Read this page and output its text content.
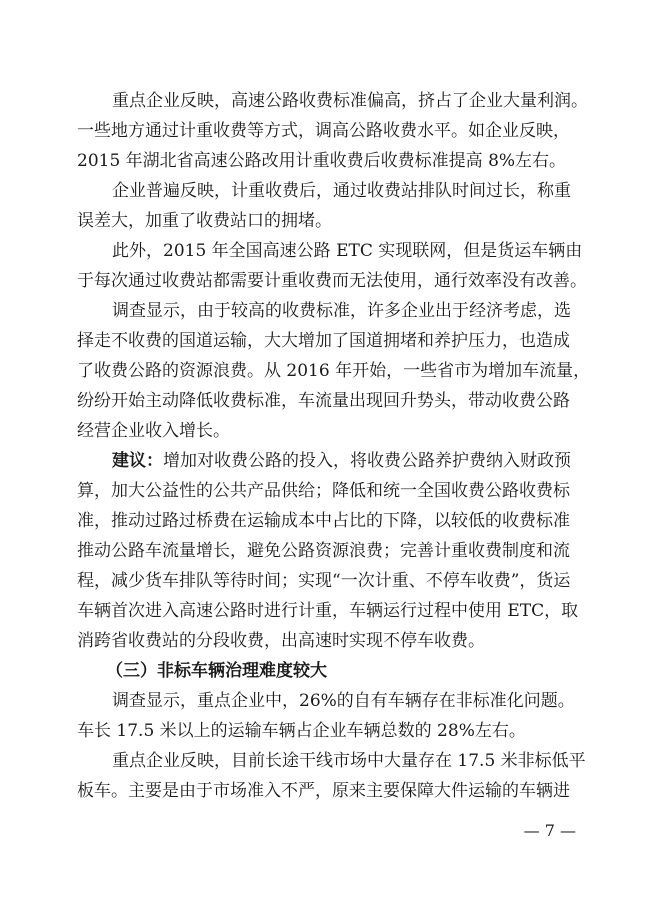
重点企业反映，高速公路收费标准偏高，挤占了企业大量利润。
一些地方通过计重收费等方式，调高公路收费水平。如企业反映，
2015 年湖北省高速公路改用计重收费后收费标准提高 8%左右。
企业普遍反映，计重收费后，通过收费站排队时间过长，称重
误差大，加重了收费站口的拥堵。
此外，2015 年全国高速公路 ETC 实现联网，但是货运车辆由
于每次通过收费站都需要计重收费而无法使用，通行效率没有改善。
调查显示，由于较高的收费标准，许多企业出于经济考虑，选
择走不收费的国道运输，大大增加了国道拥堵和养护压力，也造成
了收费公路的资源浪费。从 2016 年开始，一些省市为增加车流量，
纷纷开始主动降低收费标准，车流量出现回升势头，带动收费公路
经营企业收入增长。
建议：增加对收费公路的投入，将收费公路养护费纳入财政预
算，加大公益性的公共产品供给；降低和统一全国收费公路收费标
准，推动过路过桥费在运输成本中占比的下降，以较低的收费标准
推动公路车流量增长，避免公路资源浪费；完善计重收费制度和流
程，减少货车排队等待时间；实现“一次计重、不停车收费”，货运
车辆首次进入高速公路时进行计重，车辆运行过程中使用 ETC，取
消跨省收费站的分段收费，出高速时实现不停车收费。
（三）非标车辆治理难度较大
调查显示，重点企业中，26%的自有车辆存在非标准化问题。
车长 17.5 米以上的运输车辆占企业车辆总数的 28%左右。
重点企业反映，目前长途干线市场中大量存在 17.5 米非标低平
板车。主要是由于市场准入不严，原来主要保障大件运输的车辆进
— 7 —
